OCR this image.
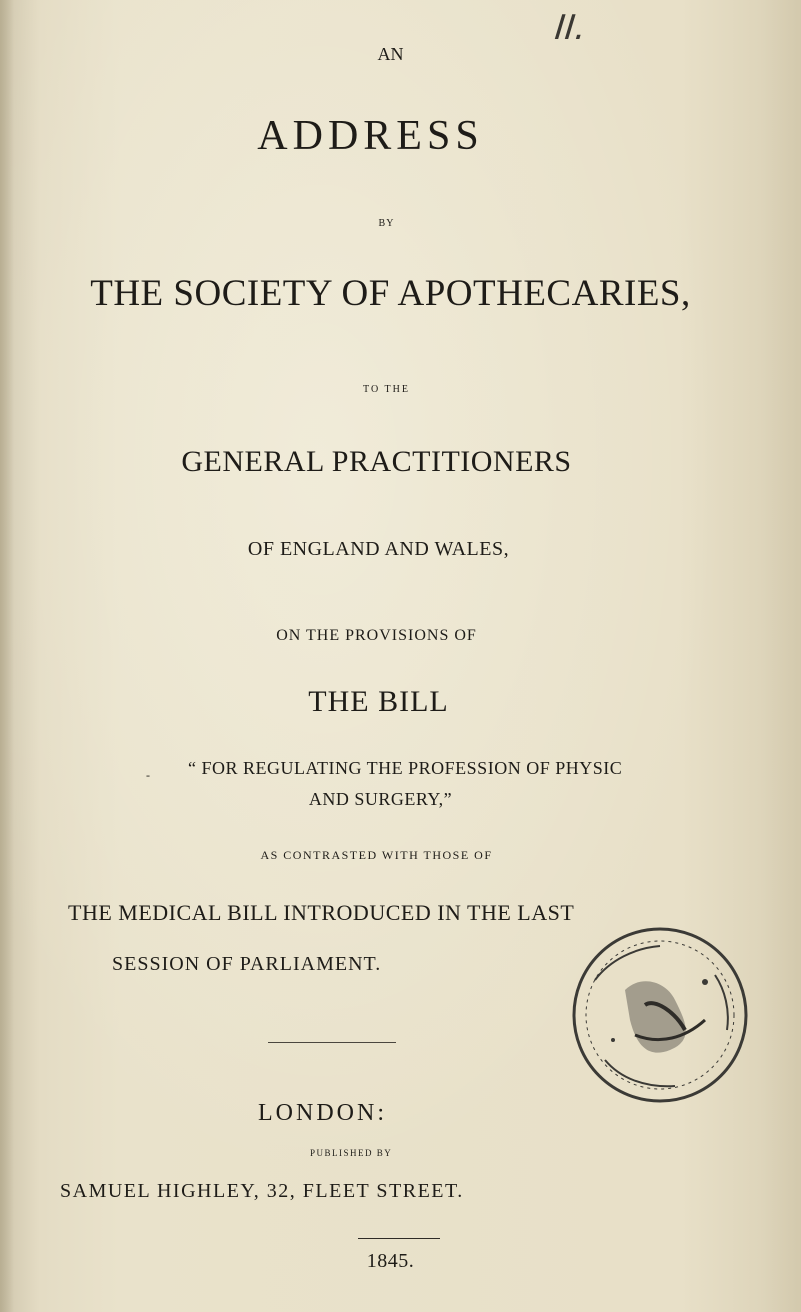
II.

AN

ADDRESS

BY

THE SOCIETY OF APOTHECARIES,

TO THE

GENERAL PRACTITIONERS

OF ENGLAND AND WALES,

ON THE PROVISIONS OF

THE BILL

- “ FOR REGULATING THE PROFESSION OF PHYSIC

AND SURGERY,”

AS CONTRASTED WITH THOSE OF

THE MEDICAL BILL INTRODUCED IN THE LAST

SESSION OF PARLIAMENT.

LONDON:

PUBLISHED BY

SAMUEL HIGHLEY, 32, FLEET STREET.

1845.
